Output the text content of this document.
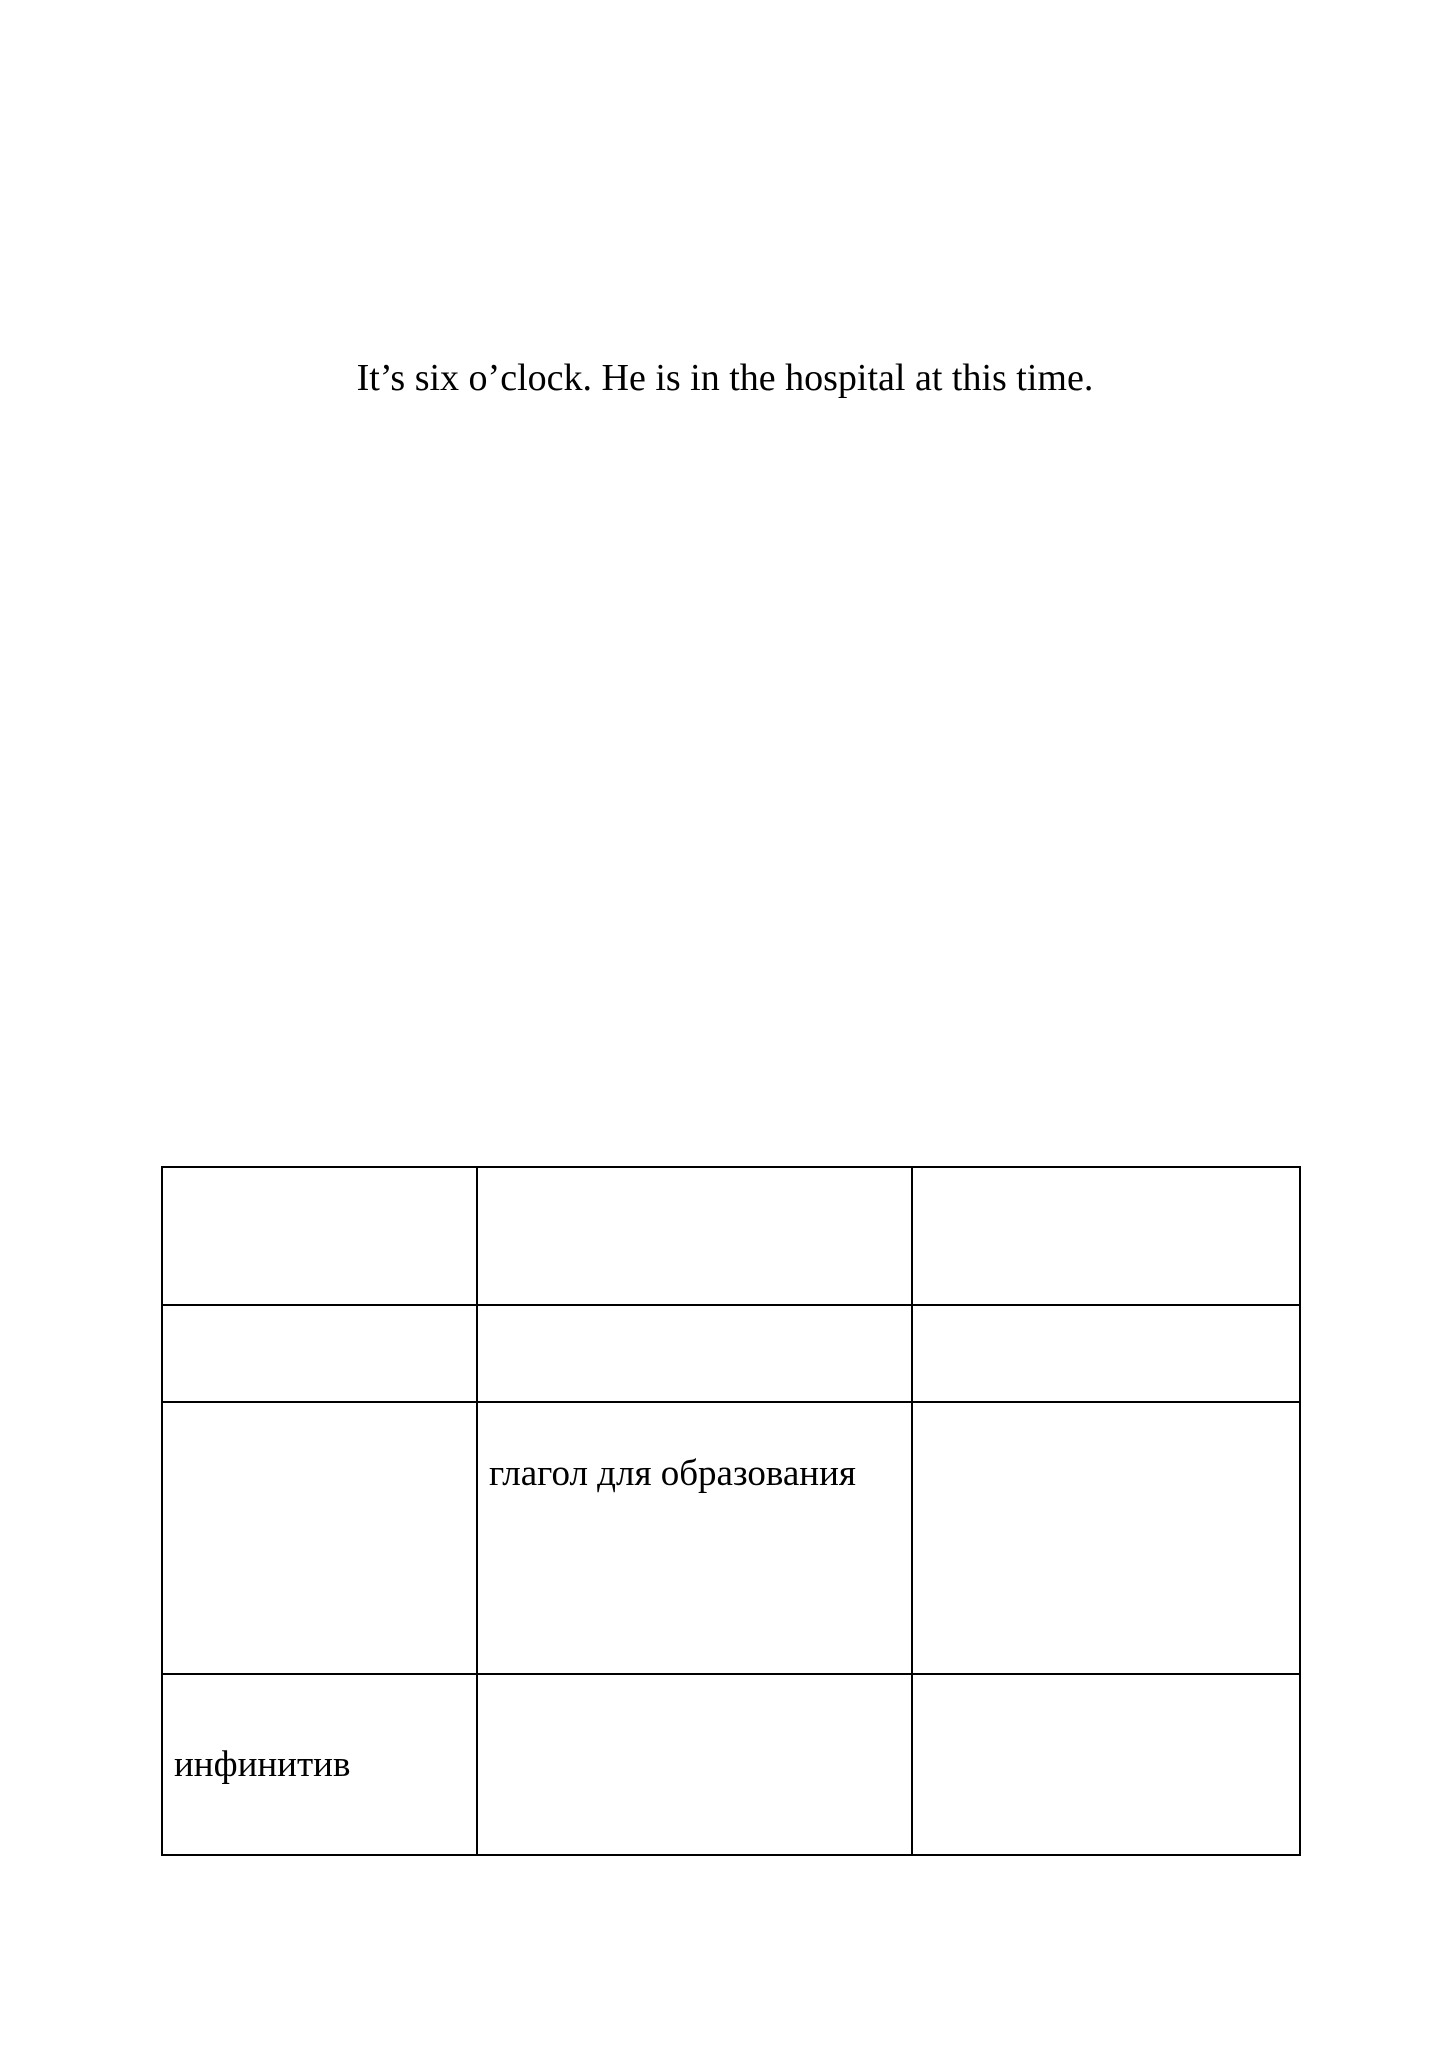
It’s six o’clock. He is in the hospital at this time.

	глагол для образования	

инфинитив		
